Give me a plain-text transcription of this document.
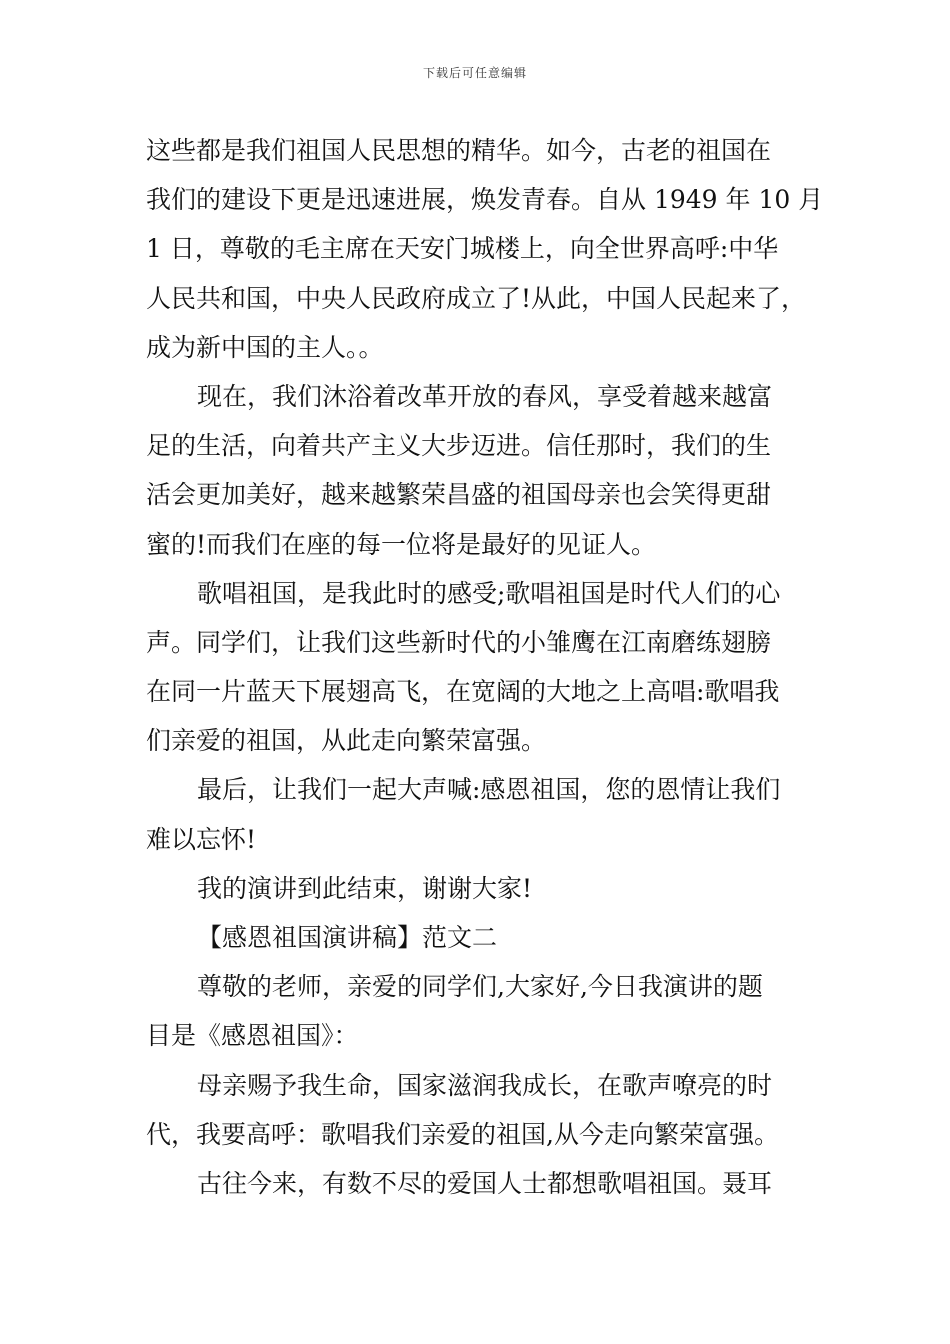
下载后可任意编辑
这些都是我们祖国人民思想的精华。如今，古老的祖国在
我们的建设下更是迅速进展，焕发青春。自从 1949 年 10 月
1 日，尊敬的毛主席在天安门城楼上，向全世界高呼:中华
人民共和国，中央人民政府成立了!从此，中国人民起来了，
成为新中国的主人。。
现在，我们沐浴着改革开放的春风，享受着越来越富
足的生活，向着共产主义大步迈进。信任那时，我们的生
活会更加美好，越来越繁荣昌盛的祖国母亲也会笑得更甜
蜜的!而我们在座的每一位将是最好的见证人。
歌唱祖国，是我此时的感受;歌唱祖国是时代人们的心
声。同学们，让我们这些新时代的小雏鹰在江南磨练翅膀
在同一片蓝天下展翅高飞，在宽阔的大地之上高唱:歌唱我
们亲爱的祖国，从此走向繁荣富强。
最后，让我们一起大声喊:感恩祖国，您的恩情让我们
难以忘怀!
我的演讲到此结束，谢谢大家!
【感恩祖国演讲稿】范文二
尊敬的老师，亲爱的同学们,大家好,今日我演讲的题
目是《感恩祖国》：
母亲赐予我生命，国家滋润我成长，在歌声嘹亮的时
代，我要高呼：歌唱我们亲爱的祖国,从今走向繁荣富强。
古往今来，有数不尽的爱国人士都想歌唱祖国。聂耳
